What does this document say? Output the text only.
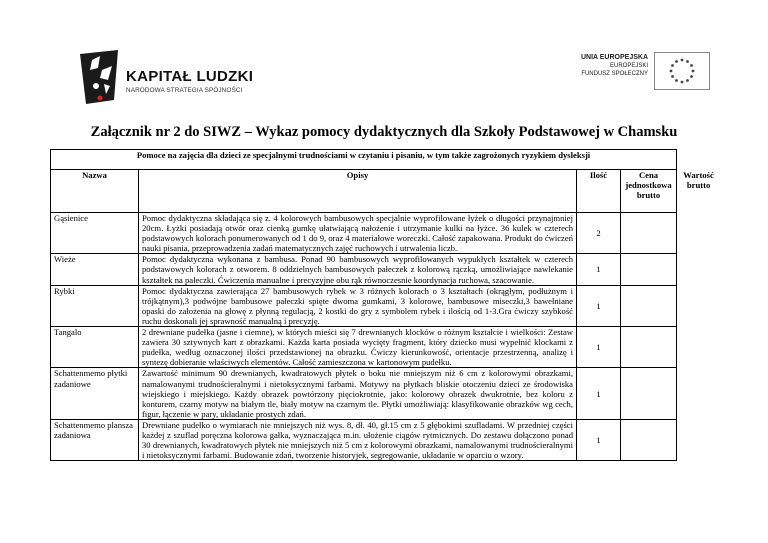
KAPITAŁ LUDZKI
NARODOWA STRATEGIA SPÓJNOŚCI
UNIA EUROPEJSKA
EUROPEJSKI
FUNDUSZ SPOŁECZNY
Załącznik nr 2 do SIWZ – Wykaz pomocy dydaktycznych dla Szkoły Podstawowej w Chamsku
Pomoce na zajęcia dla dzieci ze specjalnymi trudnościami w czytaniu i pisaniu, w tym także zagrożonych ryzykiem dysleksji				
Nazwa	Opisy	Ilość	Cena jednostkowa brutto	Wartość brutto
Gąsienice	Pomoc dydaktyczna składająca się z. 4 kolorowych bambusowych specjalnie wyprofilowane łyżek o długości przynajmniej 20cm. Łyżki posiadają otwór oraz cienką gumkę ułatwiającą nałożenie i utrzymanie kulki na łyżce. 36 kulek w czterech podstawowych kolorach ponumerowanych od 1 do 9, oraz 4 materiałowe woreczki. Całość zapakowana. Produkt do ćwiczeń nauki pisania, przeprowadzenia zadań matematycznych zajęć ruchowych i utrwalenia liczb.	2		
Wieże	Pomoc dydaktyczna wykonana z bambusa. Ponad 90 bambusowych wyprofilowanych wypukłych kształtek w czterech podstawowych kolorach z otworem. 8 oddzielnych bambusowych pałeczek z kolorową rączką, umożliwiające nawlekanie kształtek na pałeczki. Ćwiczenia manualne i precyzyjne obu rąk równoczesnie koordynacja ruchowa, szacowanie.	1		
Rybki	Pomoc dydaktyczna zawierająca 27 bambusowych rybek w 3 różnych kolorach o 3 kształtach (okrągłym, podłużnym i trójkątnym),3 podwójne bambusowe pałeczki spięte dwoma gumkami, 3 kolorowe, bambusowe miseczki,3 bawełniane opaski do założenia na głowę z płynną regulacją, 2 kostki do gry z symbolem rybek i ilością od 1-3.Gra ćwiczy szybkość ruchu doskonali jej sprawność manualną i precyzję.	1		
Tangalo	2 drewniane pudełka (jasne i ciemne), w których mieści się 7 drewnianych klocków o różnym kształcie i wielkości: Zestaw zawiera 30 sztywnych kart z obrazkami. Każda karta posiada wycięty fragment, który dziecko musi wypełnić klockami z pudełka, według oznaczonej ilości przedstawionej na obrazku. Ćwiczy kierunkowość, orientacje przestrzenną, analizę i syntezę dobieranie właściwych elementów. Całość zamieszczona w kartonowym pudełku.	1		
Schattenmemo płytki zadaniowe	Zawartość minimum 90 drewnianych, kwadratowych płytek o boku nie mniejszym niż 6 cm z kolorowymi obrazkami, namalowanymi trudnościeralnymi i nietoksycznymi farbami. Motywy na płytkach bliskie otoczeniu dzieci ze środowiska wiejskiego i miejskiego. Każdy obrazek powtórzony pięciokrotnie, jako: kolorowy obrazek dwukrotnie, bez koloru z konturem, czarny motyw na białym tle, biały motyw na czarnym tle. Płytki umożliwiają: klasyfikowanie obrazków wg cech, figur, łączenie w pary, układanie prostych zdań.	1		
Schattenmemo plansza zadaniowa	Drewniane pudełko o wymiarach nie mniejszych niż wys. 8, dł. 40, gł.15 cm z 5 głębokimi szufladami. W przedniej części każdej z szuflad poręczna kolorowa gałka, wyznaczająca m.in. ułożenie ciągów rytmicznych. Do zestawu dołączono ponad 30 drewnianych, kwadratowych płytek nie mniejszych niż 5 cm z kolorowymi obrazkami, namalowanymi trudnościeralnymi i nietoksycznymi farbami. Budowanie zdań, tworzenie historyjek, segregowanie, układanie w oparciu o wzory.	1		
